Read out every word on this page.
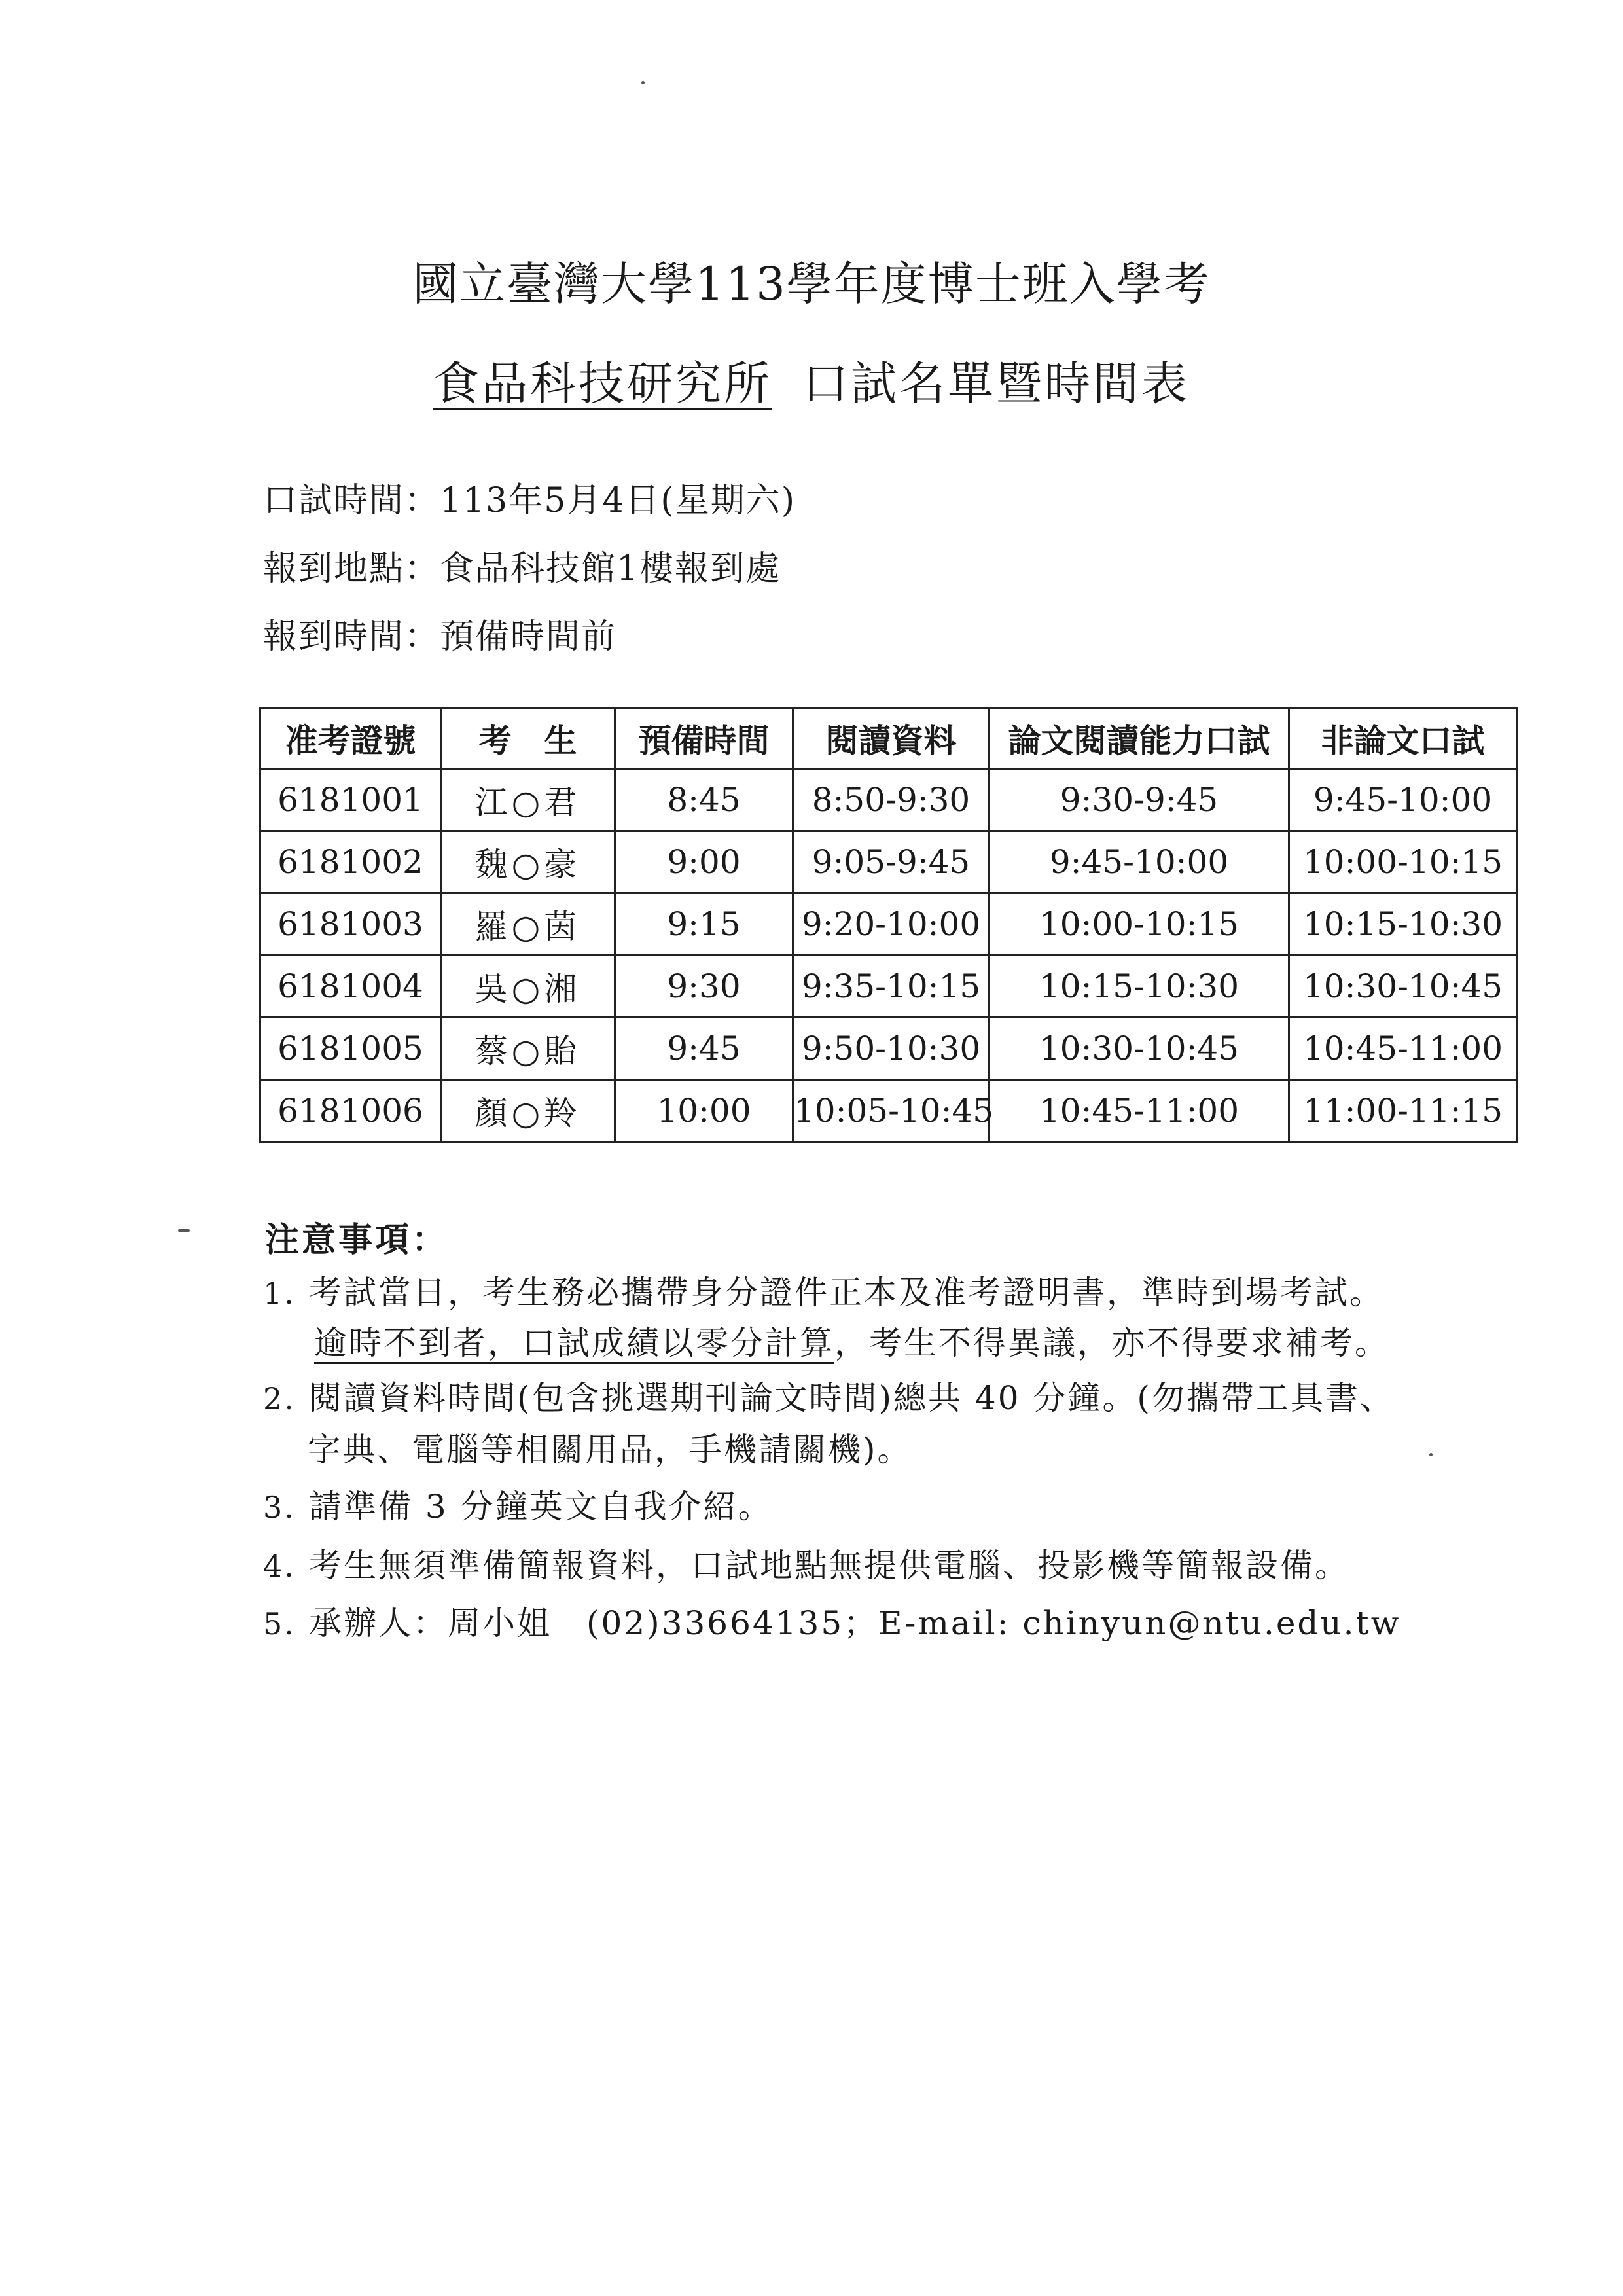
國立臺灣大學113學年度博士班入學考
食品科技研究所 口試名單暨時間表
口試時間：113年5月4日(星期六)
報到地點：食品科技館1樓報到處
報到時間：預備時間前
准考證號	考　生	預備時間	閱讀資料	論文閱讀能力口試	非論文口試
6181001	江○君	8:45	8:50-9:30	9:30-9:45	9:45-10:00
6181002	魏○豪	9:00	9:05-9:45	9:45-10:00	10:00-10:15
6181003	羅○茵	9:15	9:20-10:00	10:00-10:15	10:15-10:30
6181004	吳○湘	9:30	9:35-10:15	10:15-10:30	10:30-10:45
6181005	蔡○貽	9:45	9:50-10:30	10:30-10:45	10:45-11:00
6181006	顏○羚	10:00	10:05-10:45	10:45-11:00	11:00-11:15
注意事項：
1. 考試當日，考生務必攜帶身分證件正本及准考證明書，準時到場考試。
逾時不到者，口試成績以零分計算，考生不得異議，亦不得要求補考。
2. 閱讀資料時間(包含挑選期刊論文時間)總共 40 分鐘。(勿攜帶工具書、
字典、電腦等相關用品，手機請關機)。
3. 請準備 3 分鐘英文自我介紹。
4. 考生無須準備簡報資料，口試地點無提供電腦、投影機等簡報設備。
5. 承辦人：周小姐　(02)33664135；E-mail: chinyun@ntu.edu.tw
